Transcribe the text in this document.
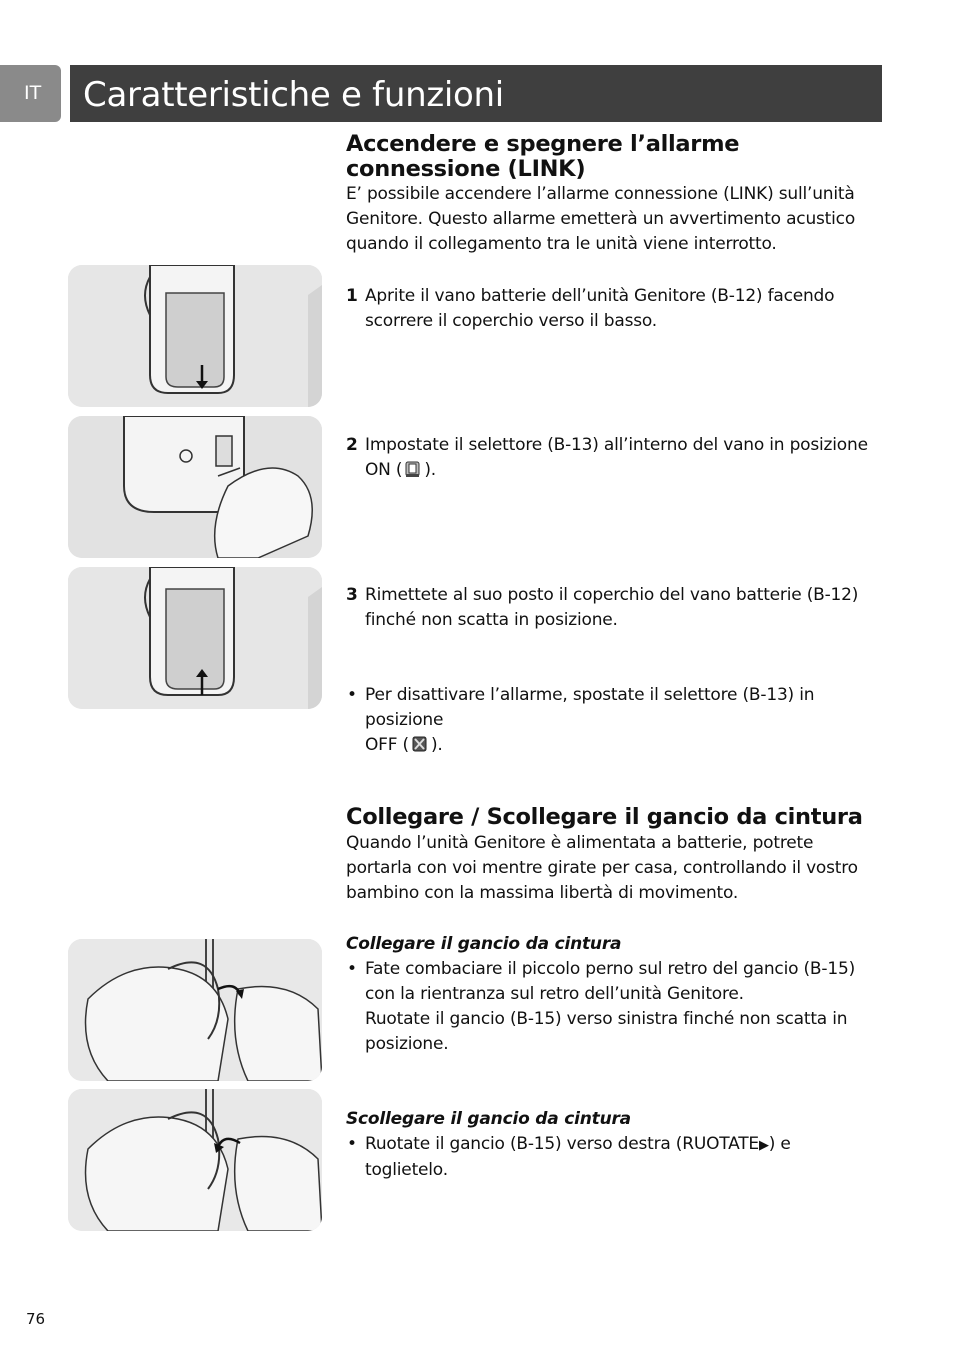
IT	Caratteristiche e funzioni
Accendere e spegnere l’allarme
connessione (LINK)

E’ possibile accendere l’allarme connessione (LINK) sull’unità
Genitore. Questo allarme emetterà un avvertimento acustico
quando il collegamento tra le unità viene interrotto.

1 Aprite il vano batterie dell’unità Genitore (B-12) facendo
scorrere il coperchio verso il basso.
2 Impostate il selettore (B-13) all’interno del vano in posizione
ON ( ).
3 Rimettete al suo posto il coperchio del vano batterie (B-12)
finché non scatta in posizione.
• Per disattivare l’allarme, spostate il selettore (B-13) in
posizione
OFF ( ).
Collegare / Scollegare il gancio da cintura

Quando l’unità Genitore è alimentata a batterie, potrete
portarla con voi mentre girate per casa, controllando il vostro
bambino con la massima libertà di movimento.

Collegare il gancio da cintura
• Fate combaciare il piccolo perno sul retro del gancio (B-15)
con la rientranza sul retro dell’unità Genitore.
Ruotate il gancio (B-15) verso sinistra finché non scatta in
posizione.
Scollegare il gancio da cintura
• Ruotate il gancio (B-15) verso destra (RUOTATE▶) e
toglietelo.
76
